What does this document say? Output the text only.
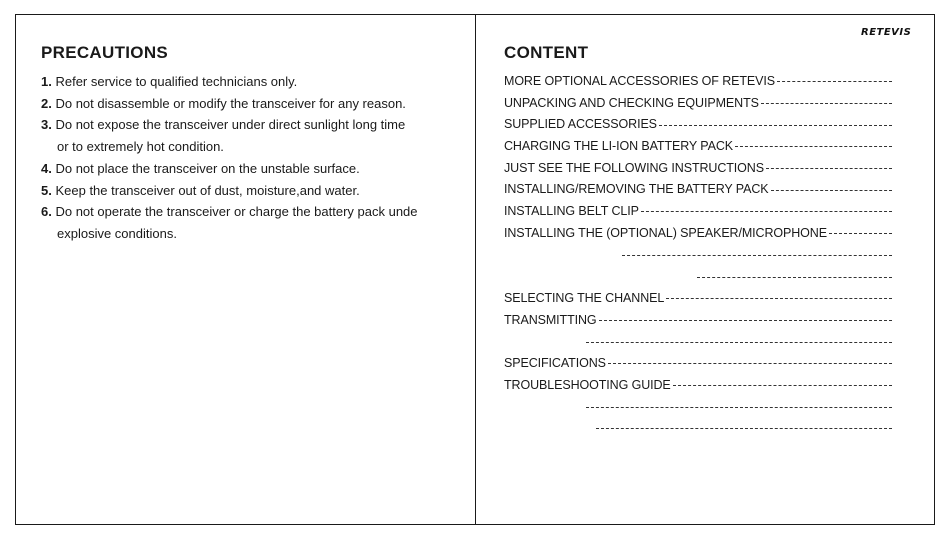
RETEVIS
PRECAUTIONS
1. Refer service to qualified technicians only.
2. Do not disassemble or modify the transceiver for any reason.
3. Do not expose the transceiver under direct sunlight long time
or to extremely hot condition.
4. Do not place the transceiver on the unstable surface.
5. Keep the transceiver out of dust, moisture,and water.
6. Do not operate the transceiver or charge the battery pack unde
explosive conditions.
CONTENT
MORE OPTIONAL ACCESSORIES OF RETEVIS
UNPACKING AND CHECKING EQUIPMENTS
SUPPLIED ACCESSORIES
CHARGING THE LI-ION BATTERY PACK
JUST SEE THE FOLLOWING INSTRUCTIONS
INSTALLING/REMOVING THE BATTERY PACK
INSTALLING BELT CLIP
INSTALLING THE (OPTIONAL) SPEAKER/MICROPHONE
SELECTING THE CHANNEL
TRANSMITTING
SPECIFICATIONS
TROUBLESHOOTING GUIDE
